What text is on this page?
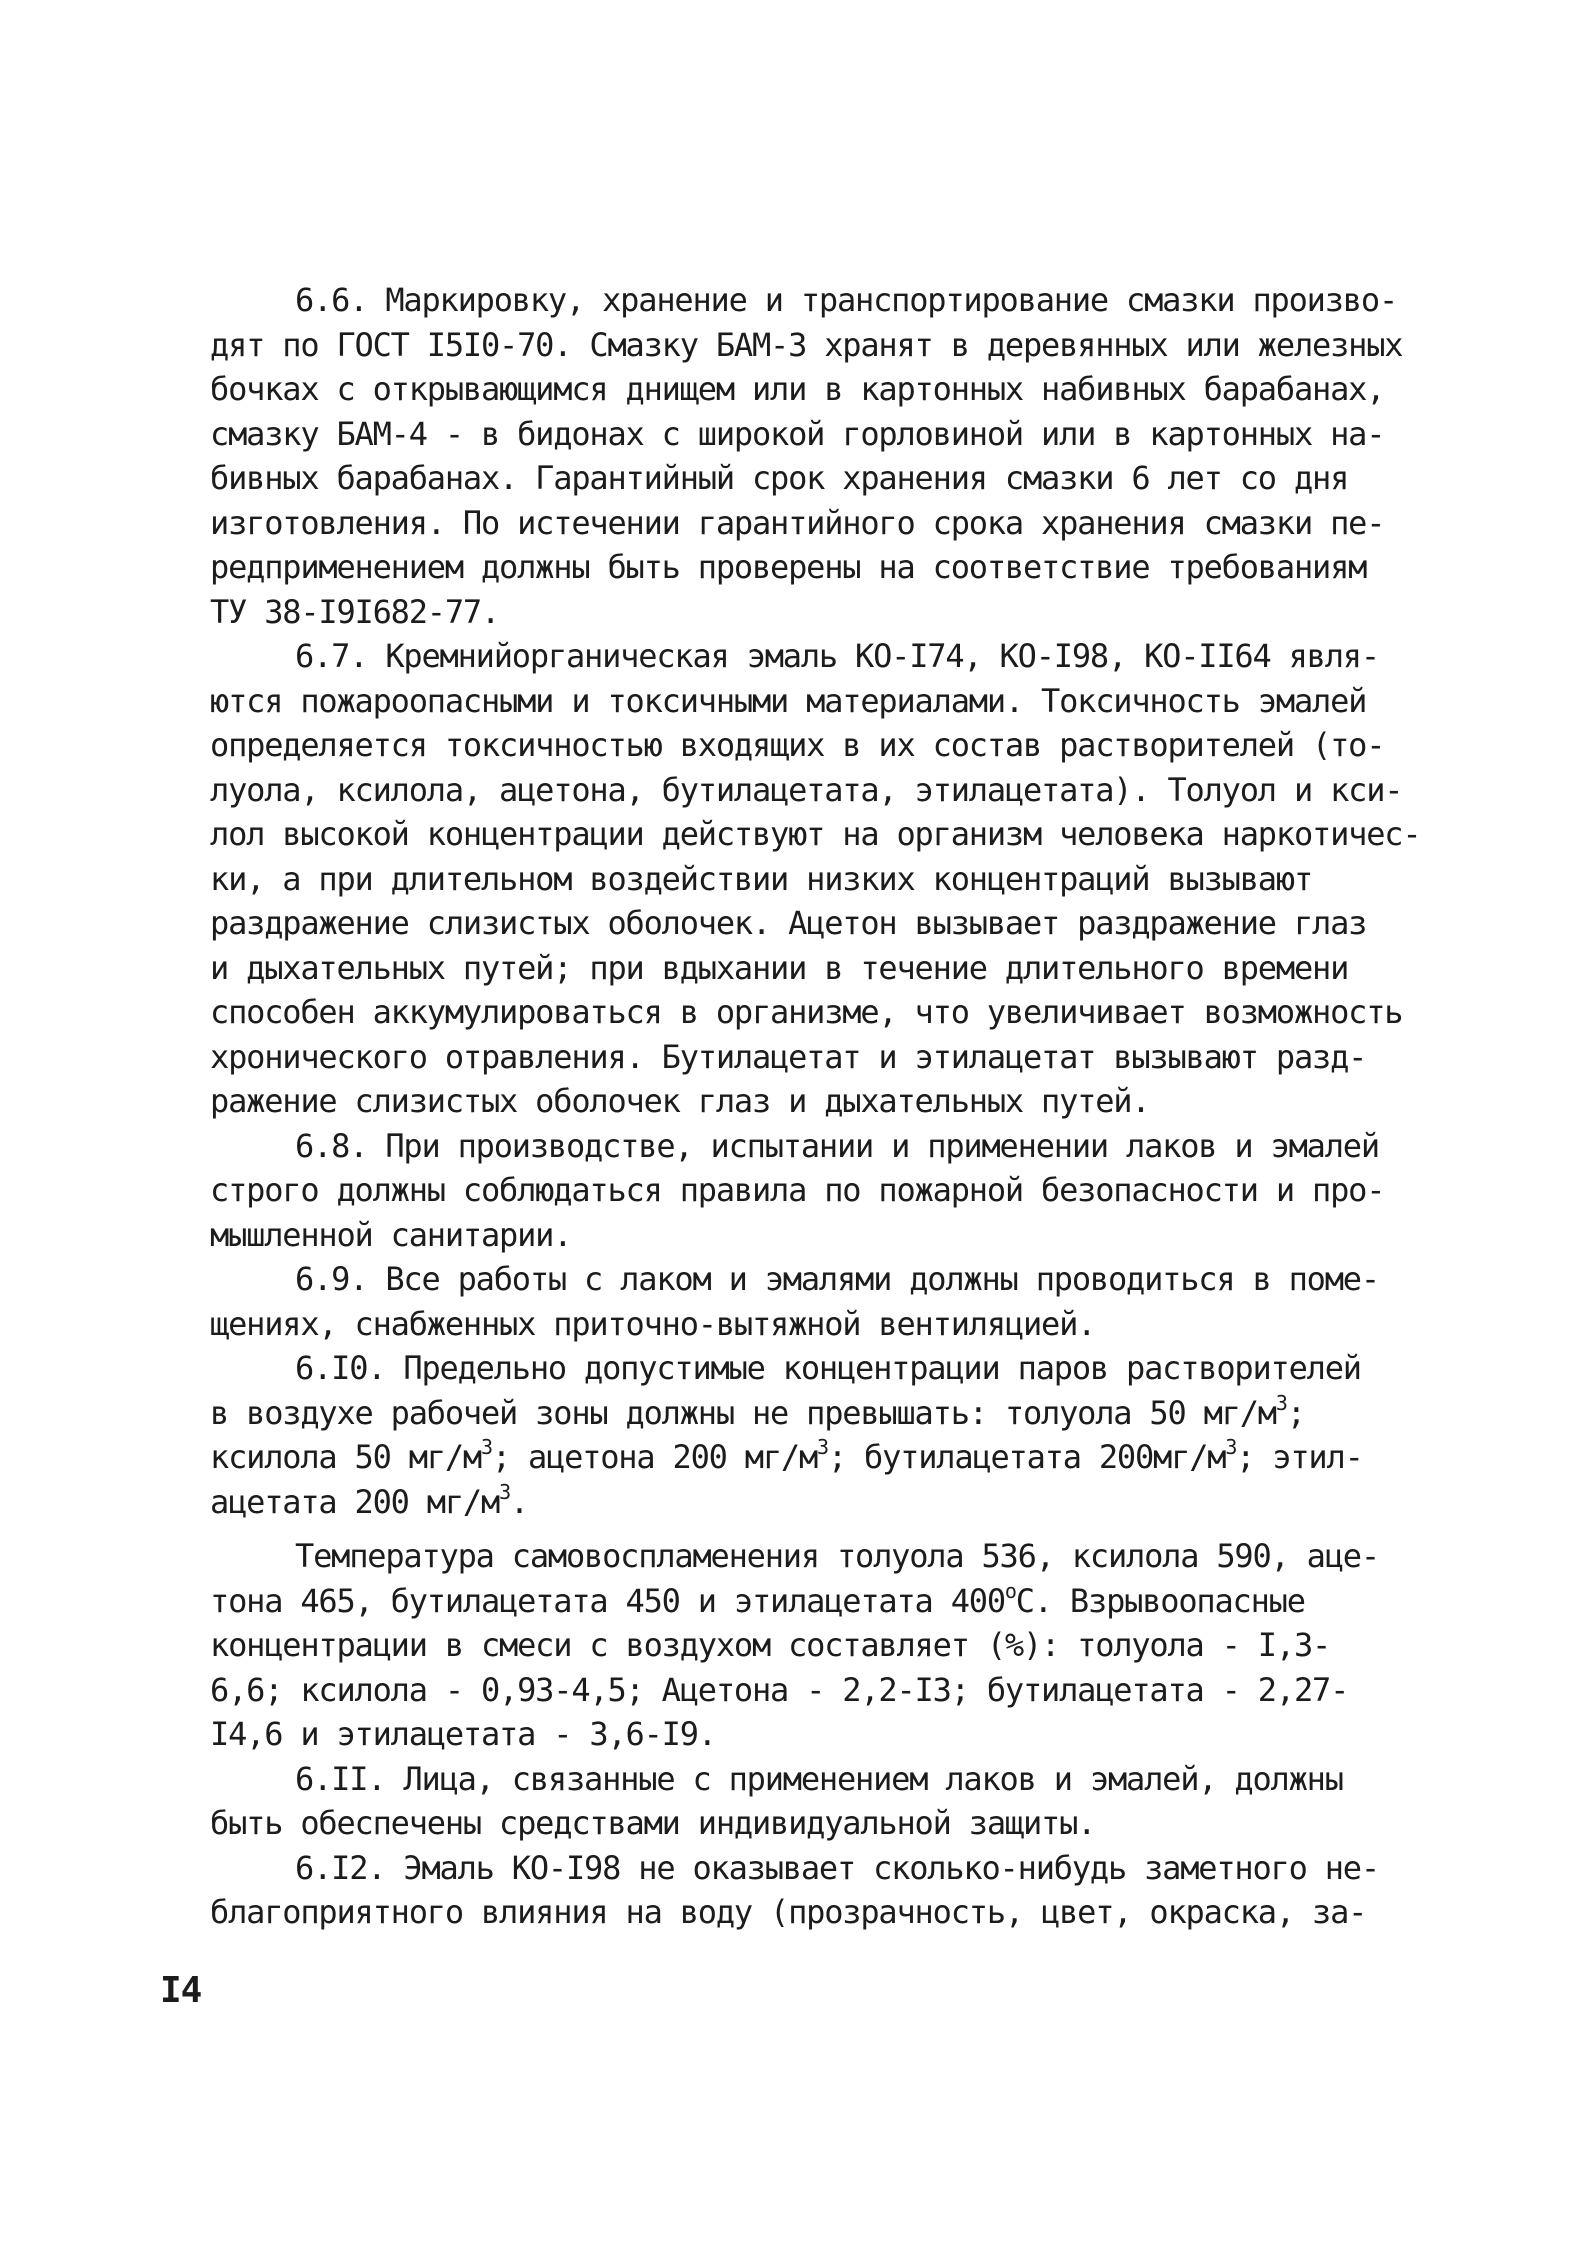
6.6. Маркировку, хранение и транспортирование смазки произво-
дят по ГОСТ I5I0-70. Смазку БАМ-3 хранят в деревянных или железных
бочках с открывающимся днищем или в картонных набивных барабанах,
смазку БАМ-4 - в бидонах с широкой горловиной или в картонных на-
бивных барабанах. Гарантийный срок хранения смазки 6 лет со дня
изготовления. По истечении гарантийного срока хранения смазки пе-
редприменением должны быть проверены на соответствие требованиям
ТУ 38-I9I682-77.
6.7. Кремнийорганическая эмаль КО-I74, КО-I98, КО-II64 явля-
ются пожароопасными и токсичными материалами. Токсичность эмалей
определяется токсичностью входящих в их состав растворителей (то-
луола, ксилола, ацетона, бутилацетата, этилацетата). Толуол и кси-
лол высокой концентрации действуют на организм человека наркотичес-
ки, а при длительном воздействии низких концентраций вызывают
раздражение слизистых оболочек. Ацетон вызывает раздражение глаз
и дыхательных путей; при вдыхании в течение длительного времени
способен аккумулироваться в организме, что увеличивает возможность
хронического отравления. Бутилацетат и этилацетат вызывают разд-
ражение слизистых оболочек глаз и дыхательных путей.
6.8. При производстве, испытании и применении лаков и эмалей
строго должны соблюдаться правила по пожарной безопасности и про-
мышленной санитарии.
6.9. Все работы с лаком и эмалями должны проводиться в поме-
щениях, снабженных приточно-вытяжной вентиляцией.
6.I0. Предельно допустимые концентрации паров растворителей
в воздухе рабочей зоны должны не превышать: толуола 50 $мг/м^3$;
ксилола 50 $мг/м^3$; ацетона 200 $мг/м^3$; бутилацетата $200мг/м^3$; этил-
ацетата 200 $мг/м^3$.
Температура самовоспламенения толуола 536, ксилола 590, аце-
тона 465, бутилацетата 450 и этилацетата $400^оС$. Взрывоопасные
концентрации в смеси с воздухом составляет (%): толуола - I,3-
6,6; ксилола - 0,93-4,5; Ацетона - 2,2-I3; бутилацетата - 2,27-
I4,6 и этилацетата - 3,6-I9.
6.II. Лица, связанные с применением лаков и эмалей, должны
быть обеспечены средствами индивидуальной защиты.
6.I2. Эмаль КО-I98 не оказывает сколько-нибудь заметного не-
благоприятного влияния на воду (прозрачность, цвет, окраска, за-
I4
